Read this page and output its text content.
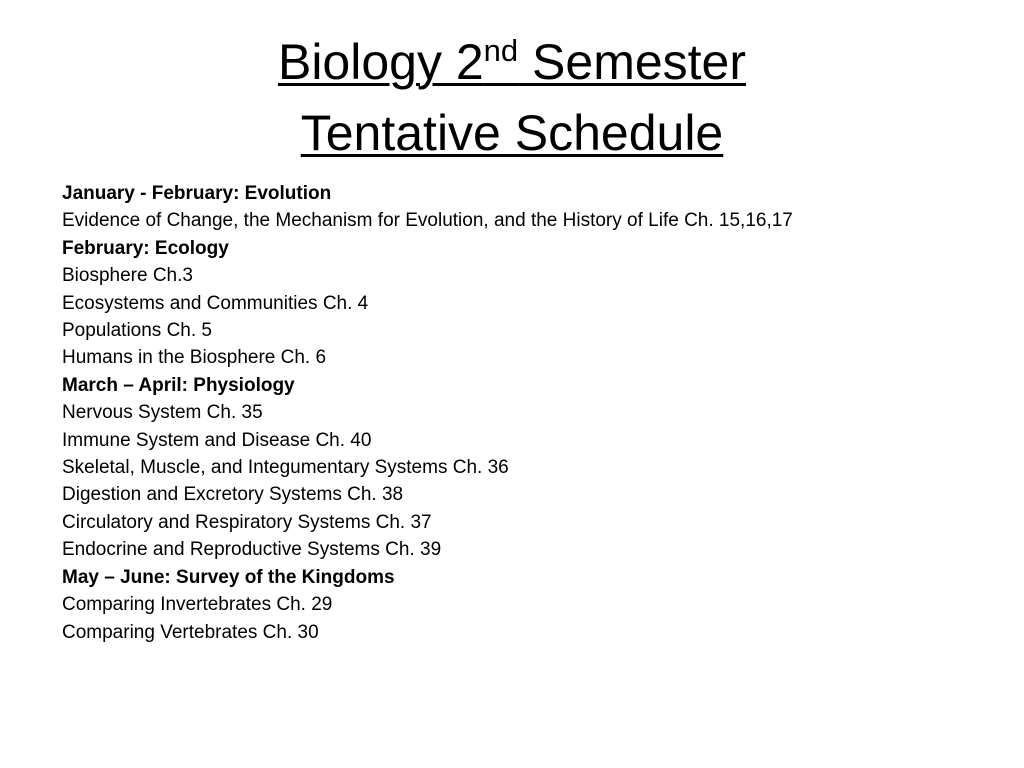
Biology 2nd Semester
Tentative Schedule
January - February: Evolution
Evidence of Change, the Mechanism for Evolution, and the History of Life Ch. 15,16,17
February: Ecology
Biosphere Ch.3
Ecosystems and Communities Ch. 4
Populations Ch. 5
Humans in the Biosphere Ch. 6
March – April: Physiology
Nervous System Ch. 35
Immune System and Disease Ch. 40
Skeletal, Muscle, and Integumentary Systems Ch. 36
Digestion and Excretory Systems Ch. 38
Circulatory and Respiratory Systems Ch. 37
Endocrine and Reproductive Systems Ch. 39
May – June: Survey of the Kingdoms
Comparing Invertebrates Ch. 29
Comparing Vertebrates Ch. 30
